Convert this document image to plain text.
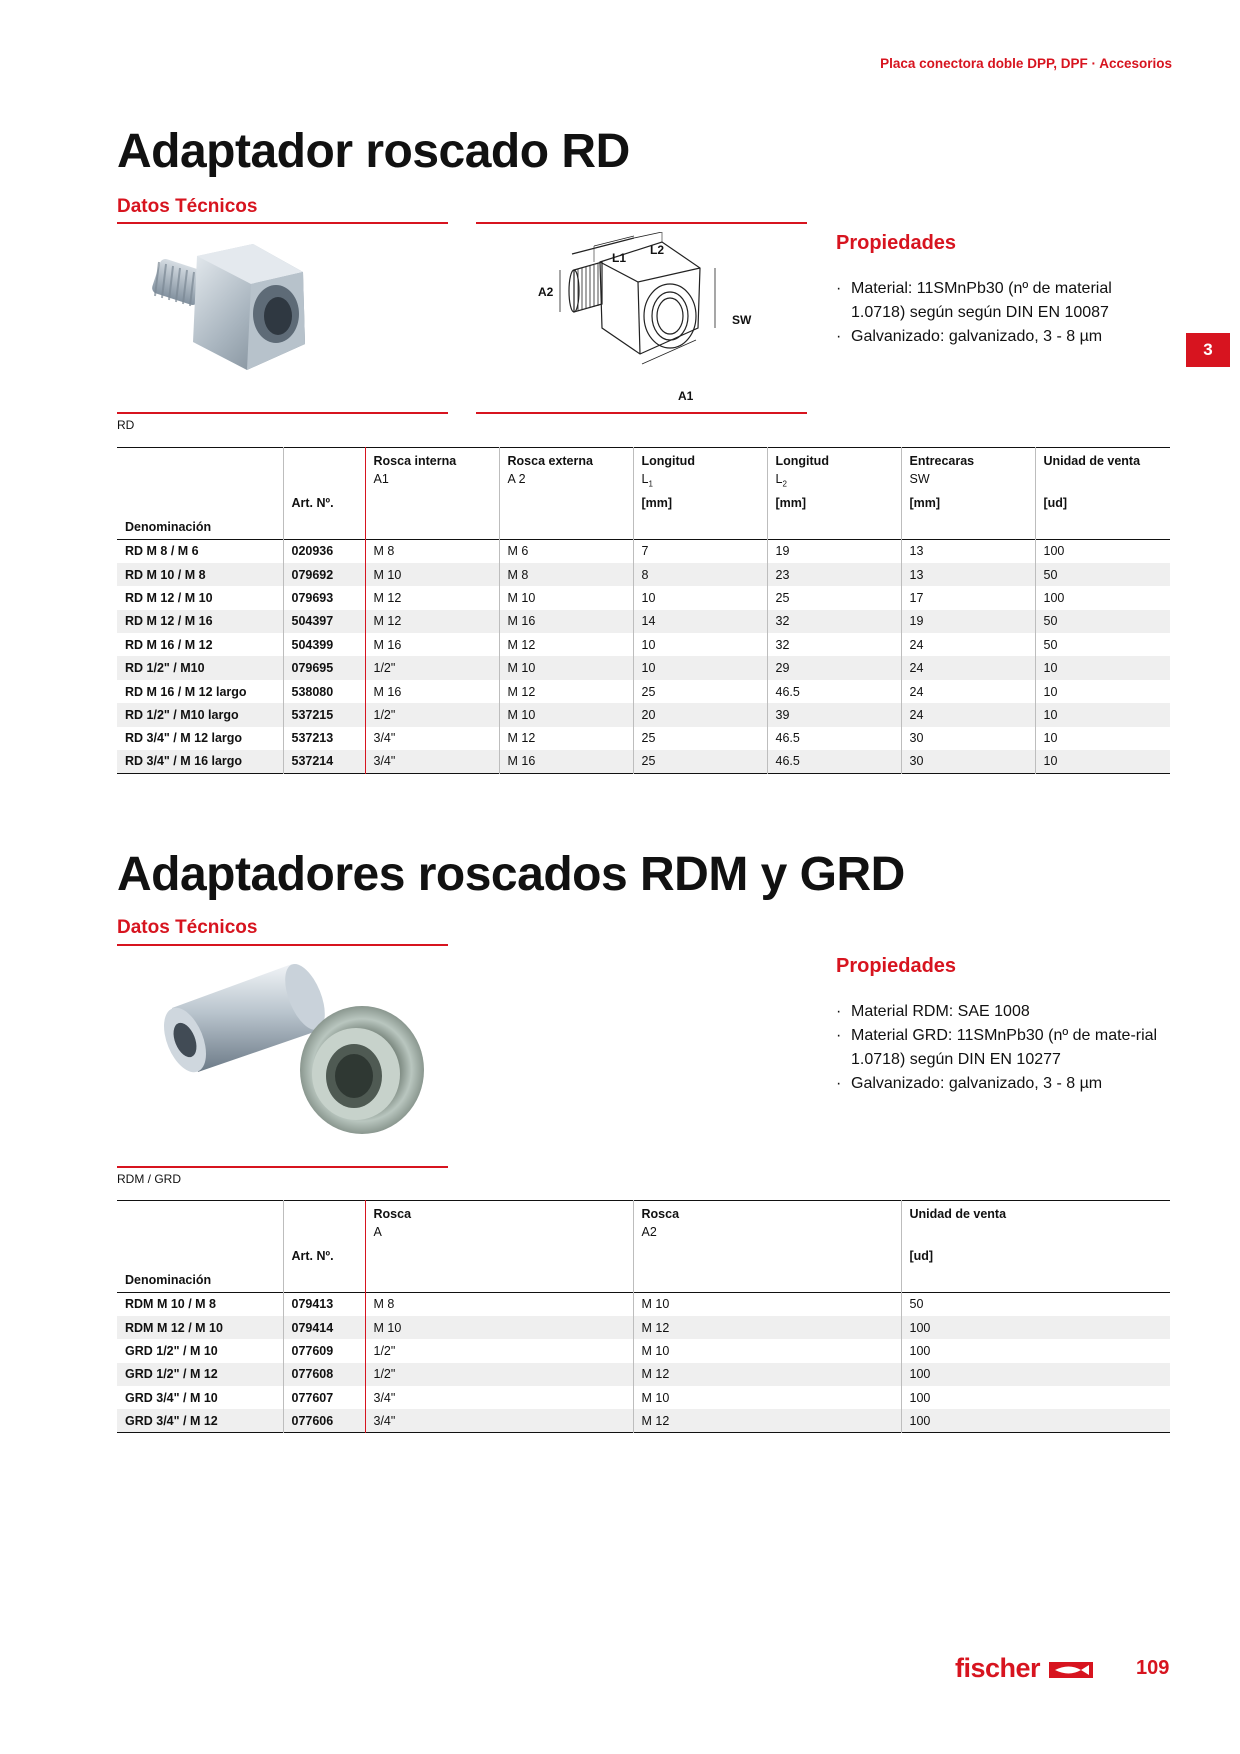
Placa conectora doble DPP, DPF · Accesorios
3
Adaptador roscado RD
Datos Técnicos
L2
L1
A2
SW
A1
Propiedades
· Material: 11SMnPb30 (nº de material 1.0718) según según DIN EN 10087
· Galvanizado: galvanizado, 3 - 8 µm
RD
		Rosca interna	Rosca externa	Longitud	Longitud	Entrecaras	Unidad de venta
		A1	A 2	$L_1$	$L_2$	SW	
	Art. Nº.			[mm]	[mm]	[mm]	[ud]
Denominación							
RD M 8 / M 6	020936	M 8	M 6	7	19	13	100
RD M 10 / M 8	079692	M 10	M 8	8	23	13	50
RD M 12 / M 10	079693	M 12	M 10	10	25	17	100
RD M 12 / M 16	504397	M 12	M 16	14	32	19	50
RD M 16 / M 12	504399	M 16	M 12	10	32	24	50
RD 1/2" / M10	079695	1/2"	M 10	10	29	24	10
RD M 16 / M 12 largo	538080	M 16	M 12	25	46.5	24	10
RD 1/2" / M10 largo	537215	1/2"	M 10	20	39	24	10
RD 3/4" / M 12 largo	537213	3/4"	M 12	25	46.5	30	10
RD 3/4" / M 16 largo	537214	3/4"	M 16	25	46.5	30	10
Adaptadores roscados RDM y GRD
Datos Técnicos
Propiedades
· Material RDM: SAE 1008
· Material GRD: 11SMnPb30 (nº de mate-rial 1.0718) según DIN EN 10277
· Galvanizado: galvanizado, 3 - 8 µm
RDM / GRD
		Rosca	Rosca	Unidad de venta
		A	A2	
	Art. Nº.			[ud]
Denominación				
RDM M 10 / M 8	079413	M 8	M 10	50
RDM M 12 / M 10	079414	M 10	M 12	100
GRD 1/2" / M 10	077609	1/2"	M 10	100
GRD 1/2" / M 12	077608	1/2"	M 12	100
GRD 3/4" / M 10	077607	3/4"	M 10	100
GRD 3/4" / M 12	077606	3/4"	M 12	100
fischer	109
